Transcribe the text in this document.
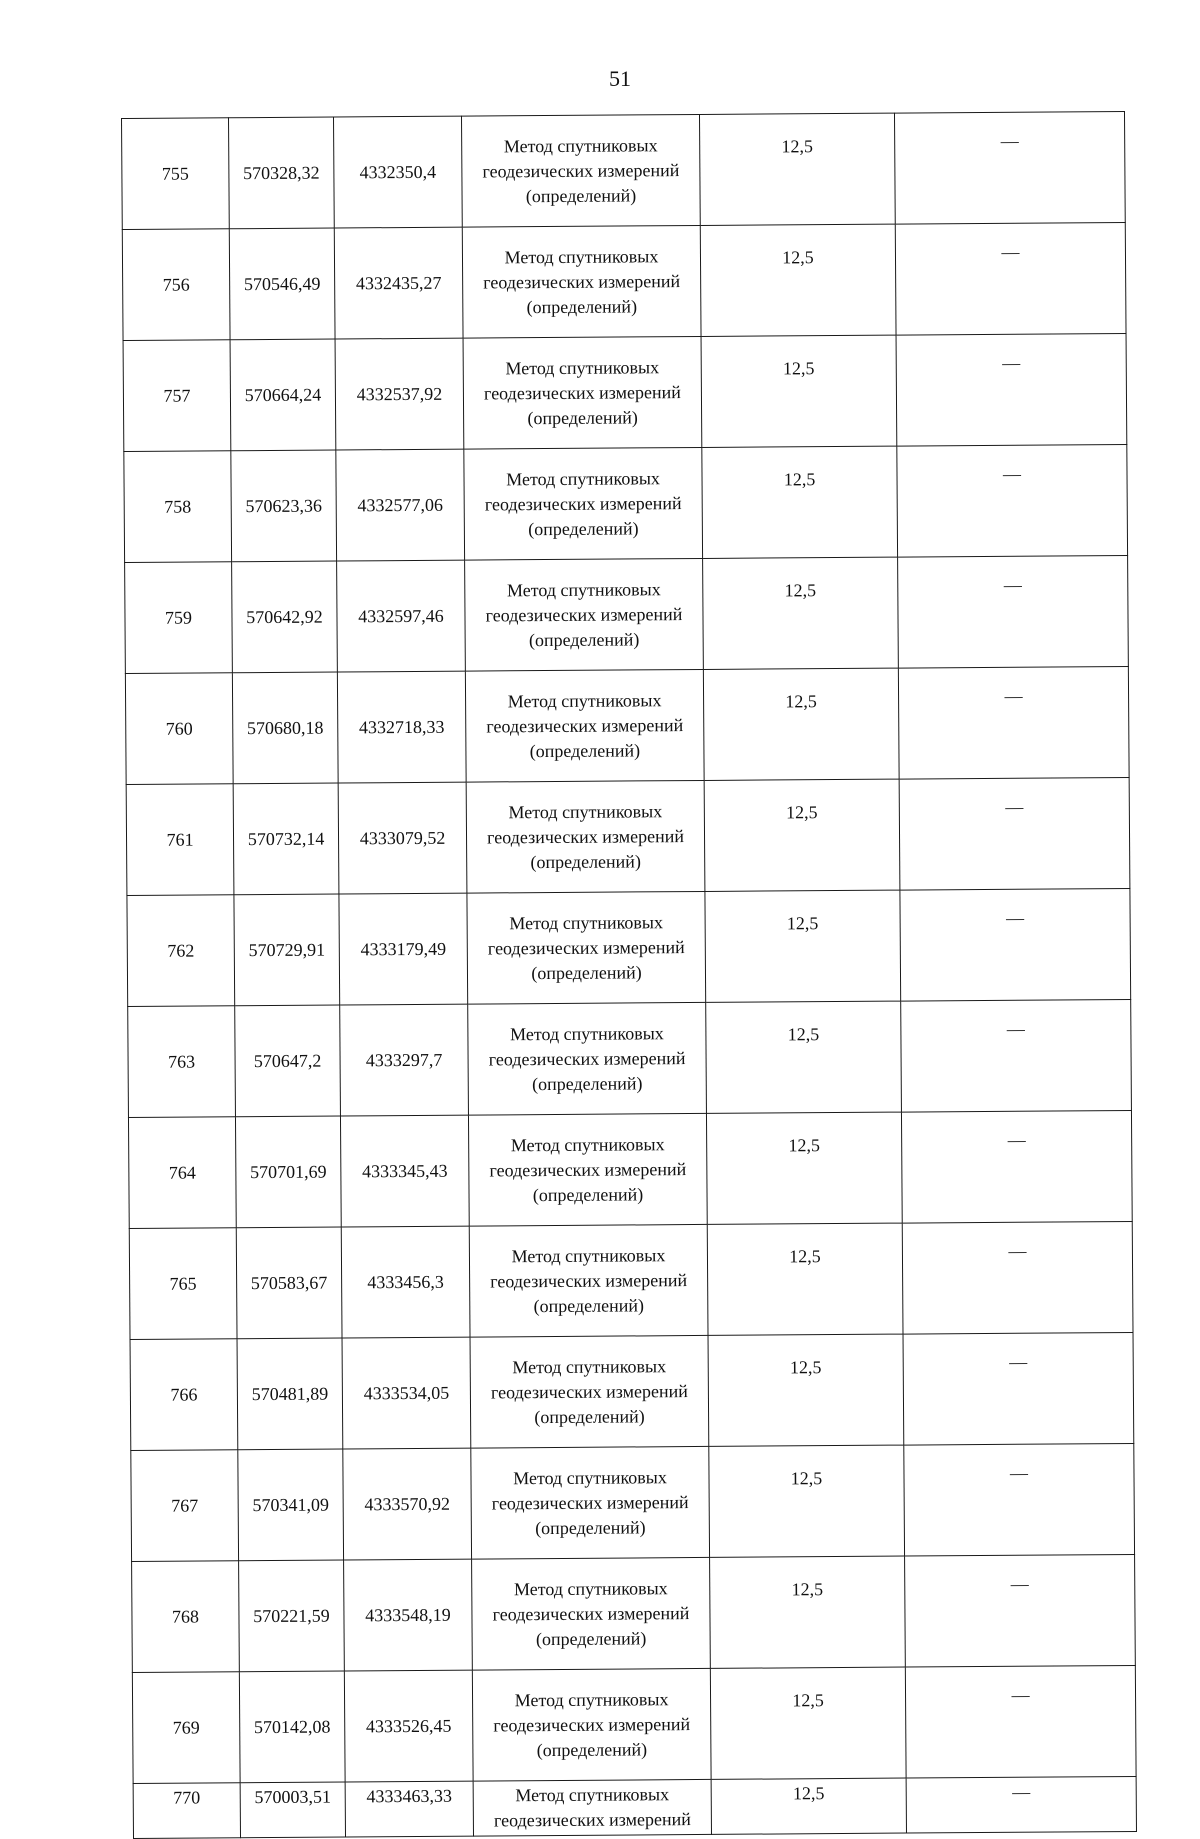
51
755	570328,32	4332350,4	Метод спутниковых
геодезических измерений
(определений)	12,5	—
756	570546,49	4332435,27	Метод спутниковых
геодезических измерений
(определений)	12,5	—
757	570664,24	4332537,92	Метод спутниковых
геодезических измерений
(определений)	12,5	—
758	570623,36	4332577,06	Метод спутниковых
геодезических измерений
(определений)	12,5	—
759	570642,92	4332597,46	Метод спутниковых
геодезических измерений
(определений)	12,5	—
760	570680,18	4332718,33	Метод спутниковых
геодезических измерений
(определений)	12,5	—
761	570732,14	4333079,52	Метод спутниковых
геодезических измерений
(определений)	12,5	—
762	570729,91	4333179,49	Метод спутниковых
геодезических измерений
(определений)	12,5	—
763	570647,2	4333297,7	Метод спутниковых
геодезических измерений
(определений)	12,5	—
764	570701,69	4333345,43	Метод спутниковых
геодезических измерений
(определений)	12,5	—
765	570583,67	4333456,3	Метод спутниковых
геодезических измерений
(определений)	12,5	—
766	570481,89	4333534,05	Метод спутниковых
геодезических измерений
(определений)	12,5	—
767	570341,09	4333570,92	Метод спутниковых
геодезических измерений
(определений)	12,5	—
768	570221,59	4333548,19	Метод спутниковых
геодезических измерений
(определений)	12,5	—
769	570142,08	4333526,45	Метод спутниковых
геодезических измерений
(определений)	12,5	—
770	570003,51	4333463,33	Метод спутниковых
геодезических измерений	12,5	—
